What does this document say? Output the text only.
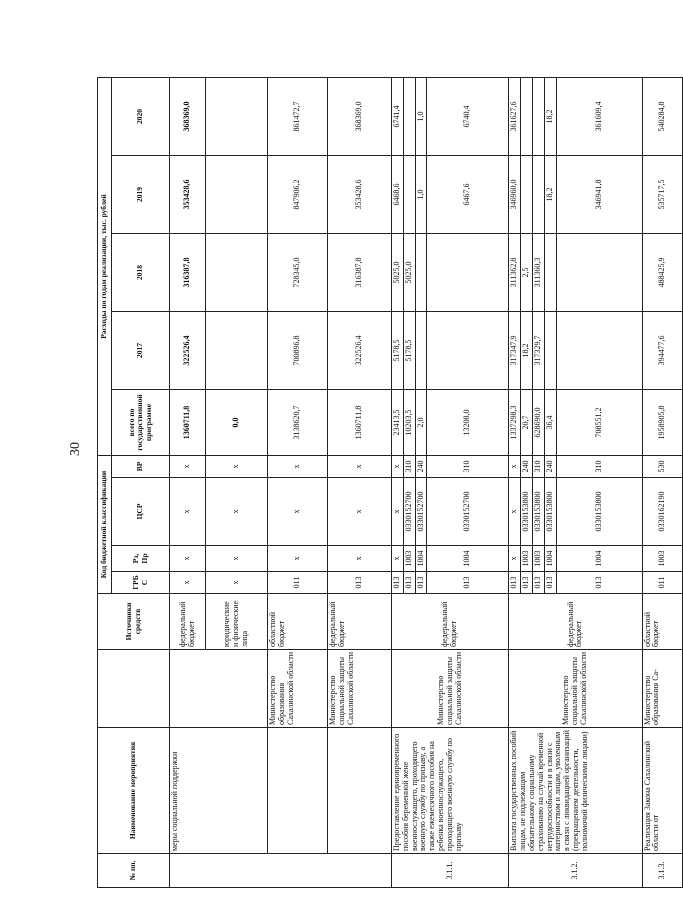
30
№ пп.	Наименование мероприятия		Источники средств	Код бюджетной классификации				Расходы по годам реализации, тыс. рублей				
				ГРБС	Рз, Пр	ЦСР	ВР	всего по государственной программе	2017	2018	2019	2020
	меры социальной поддержки		федеральный бюджет	х	х	х	х	1360711,8	322526,4	316387,8	353428,6	368369,0
			юридические и физические лица	х	х	х	х	0,0				
		Министерство образования Сахалинской области	областной бюджет	011	х	х	х	3138620,7	700896,8	728345,0	847906,2	861472,7
		Министерство социальной защиты Сахалинской области	федеральный бюджет	013	х	х	х	1360711,8	322526,4	316387,8	353428,6	368369,0
3.1.1.	Предоставление единовременного пособия беременной жене военнослужащего, проходящего военную службу по призыву, а также ежемесячного пособия на ребенка военнослужащего, проходящего военную службу по призыву	Министерство социальной защиты Сахалинской области	федеральный бюджет	013	х	х	х	23413,5	5178,5	5025,0	6468,6	6741,4
				013	1003	0330152700	310	10203,5	5178,5	5025,0		
				013	1004	0330152700	240	2,0			1,0	1,0
				013	1004	0330152700	310	13208,0			6467,6	6740,4
3.1.2.	Выплата государственных пособий лицам, не подлежащим обязательному социальному страхованию на случай временной нетрудоспособности и в связи с материнством и лицам, уволенным в связи с ликвидацией организаций (прекращением деятельности, полномочий физическими лицами)	Министерство социальной защиты Сахалинской области	федеральный бюджет	013	х	х	х	1337298,3	317347,9	311362,8	346960,0	361627,6
				013	1003	0330153800	240	20,7	18,2	2,5		
				013	1003	0330153800	310	628690,0	317329,7	311360,3		
				013	1004	0330153800	240	36,4			18,2	18,2
				013	1004	0330153800	310	708551,2			346941,8	361609,4
3.1.3.	Реализация Закона Сахалинской области от	Министерство образования Са-	областной бюджет	011	1003	0330162190	530	1958905,8	394477,6	488425,9	535717,5	540284,8
